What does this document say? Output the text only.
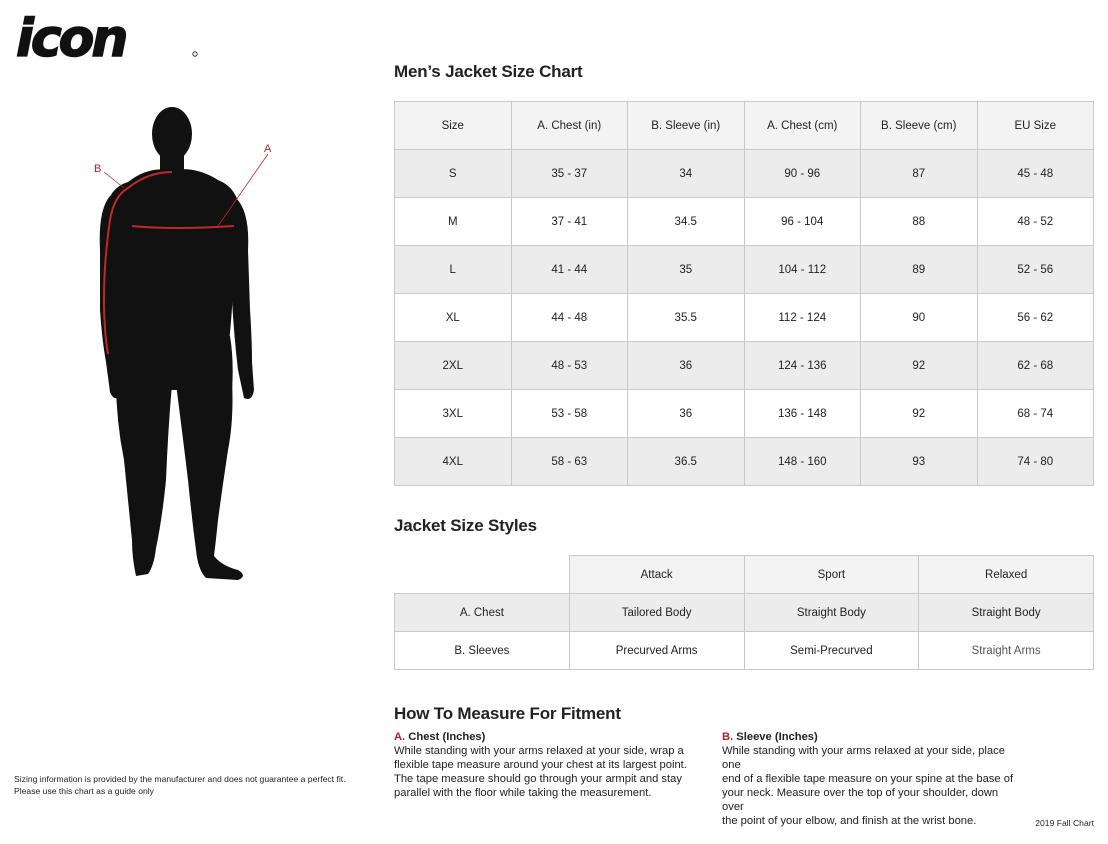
icon
A
B
Men’s Jacket Size Chart
Size	A. Chest (in)	B. Sleeve (in)	A. Chest (cm)	B. Sleeve (cm)	EU Size
S	35 - 37	34	90 - 96	87	45 - 48
M	37 - 41	34.5	96 - 104	88	48 - 52
L	41 - 44	35	104 - 112	89	52 - 56
XL	44 - 48	35.5	112 - 124	90	56 - 62
2XL	48 - 53	36	124 - 136	92	62 - 68
3XL	53 - 58	36	136 - 148	92	68 - 74
4XL	58 - 63	36.5	148 - 160	93	74 - 80
Jacket Size Styles
	Attack	Sport	Relaxed
A. Chest	Tailored Body	Straight Body	Straight Body
B. Sleeves	Precurved Arms	Semi-Precurved	Straight Arms
How To Measure For Fitment
A. Chest (Inches)

While standing with your arms relaxed at your side, wrap a

flexible tape measure around your chest at its largest point.

The tape measure should go through your armpit and stay

parallel with the floor while taking the measurement.

B. Sleeve (Inches)

While standing with your arms relaxed at your side, place one

end of a flexible tape measure on your spine at the base of

your neck. Measure over the top of your shoulder, down over

the point of your elbow, and finish at the wrist bone.

Sizing information is provided by the manufacturer and does not guarantee a perfect fit.

Please use this chart as a guide only

2019 Fall Chart
